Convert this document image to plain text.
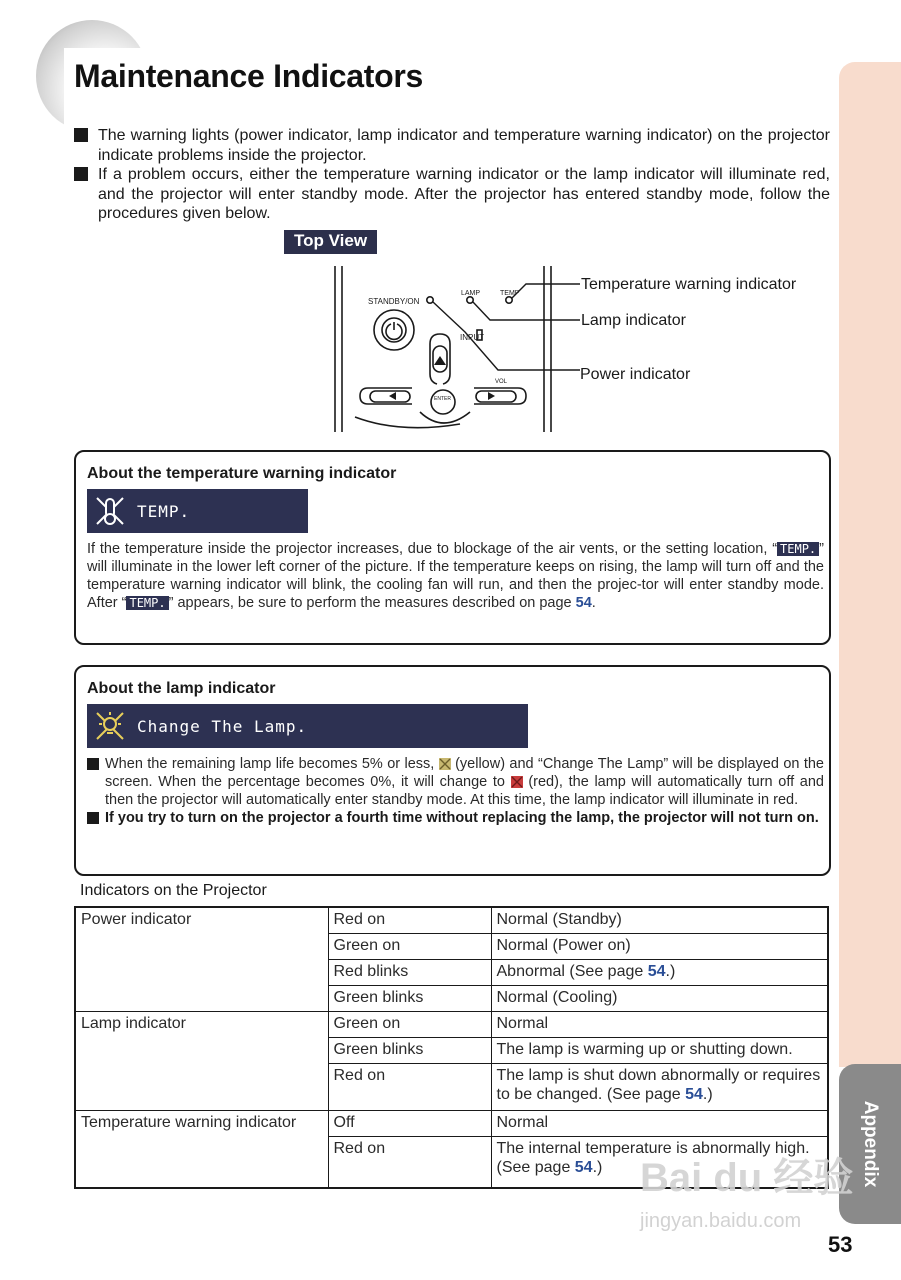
Appendix
Maintenance Indicators
The warning lights (power indicator, lamp indicator and temperature warning indicator) on the projector indicate problems inside the projector.
If a problem occurs, either the temperature warning indicator or the lamp indicator will illuminate red, and the projector will enter standby mode. After the projector has entered standby mode, follow the procedures given below.
Top View
STANDBY/ON
LAMP	TEMP
INPUT
VOL
ENTER
Temperature warning indicator
Lamp indicator
Power indicator
About the temperature warning indicator
TEMP.
If the temperature inside the projector increases, due to blockage of the air vents, or the setting location, “ TEMP. ” will illuminate in the lower left corner of the picture. If the temperature keeps on rising, the lamp will turn off and the temperature warning indicator will blink, the cooling fan will run, and then the projec-tor will enter standby mode. After “ TEMP. ” appears, be sure to perform the measures described on page 54.
About the lamp indicator
Change The Lamp.
When the remaining lamp life becomes 5% or less,  (yellow) and “Change The Lamp” will be displayed on the screen. When the percentage becomes 0%, it will change to  (red), the lamp will automatically turn off and then the projector will automatically enter standby mode. At this time, the lamp indicator will illuminate in red.
If you try to turn on the projector a fourth time without replacing the lamp, the projector will not turn on.
Indicators on the Projector
Power indicator	Red on	Normal (Standby)
	Green on	Normal (Power on)
	Red blinks	Abnormal (See page 54.)
	Green blinks	Normal (Cooling)
Lamp indicator	Green on	Normal
	Green blinks	The lamp is warming up or shutting down.
	Red on	The lamp is shut down abnormally or requires to be changed. (See page 54.)
Temperature warning indicator	Off	Normal
	Red on	The internal temperature is abnormally high. (See page 54.) Bai du 经验
jingyan.baidu.com
53
